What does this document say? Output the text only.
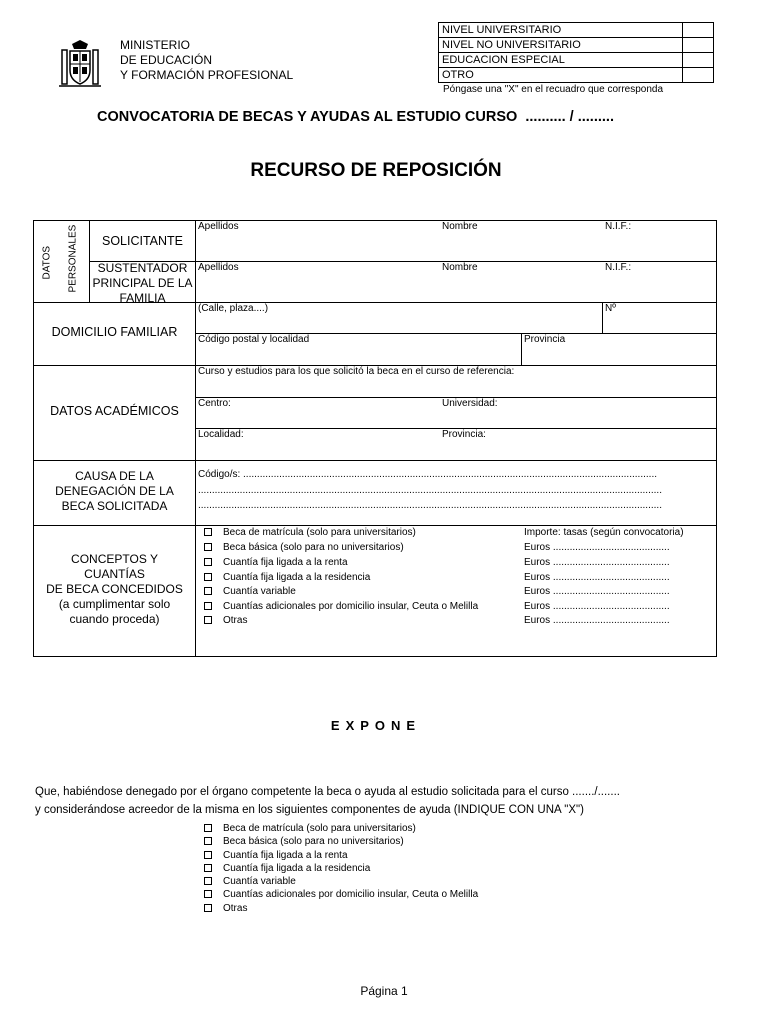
MINISTERIO
DE EDUCACIÓN
Y FORMACIÓN PROFESIONAL
NIVEL UNIVERSITARIO	
NIVEL NO UNIVERSITARIO	
EDUCACION ESPECIAL	
OTRO	
Póngase una "X" en el recuadro que corresponda
CONVOCATORIA DE BECAS Y AYUDAS AL ESTUDIO CURSO  .......... / .........
RECURSO DE REPOSICIÓN
DATOS PERSONALES	SOLICITANTE
SUSTENTADOR
PRINCIPAL DE LA
FAMILIA
Apellidos	Nombre	N.I.F.:
Apellidos	Nombre	N.I.F.:
DOMICILIO FAMILIAR
(Calle, plaza....)	Nº
Código postal y localidad	Provincia
DATOS ACADÉMICOS
Curso y estudios para los que solicitó la beca en el curso de referencia:
Centro:	Universidad:
Localidad:	Provincia:
CAUSA DE LA
DENEGACIÓN DE LA
BECA SOLICITADA
Código/s: .....................................................................................................................................................
.......................................................................................................................................................................
.......................................................................................................................................................................
CONCEPTOS Y
CUANTÍAS
DE BECA CONCEDIDOS
(a cumplimentar solo
cuando proceda)
Beca de matrícula (solo para universitarios)	Importe: tasas (según convocatoria)
Beca básica (solo para no universitarios)	Euros ..........................................
Cuantía fija ligada a la renta	Euros ..........................................
Cuantía fija ligada a la residencia	Euros ..........................................
Cuantía variable	Euros ..........................................
Cuantías adicionales por domicilio insular, Ceuta o Melilla	Euros ..........................................
Otras	Euros ..........................................
EXPONE
Que, habiéndose denegado por el órgano competente la beca o ayuda al estudio solicitada para el curso ......./.......
y considerándose acreedor de la misma en los siguientes componentes de ayuda (INDIQUE CON UNA "X")
Beca de matrícula (solo para universitarios)
Beca básica (solo para no universitarios)
Cuantía fija ligada a la renta
Cuantía fija ligada a la residencia
Cuantía variable
Cuantías adicionales por domicilio insular, Ceuta o Melilla
Otras
Página 1
